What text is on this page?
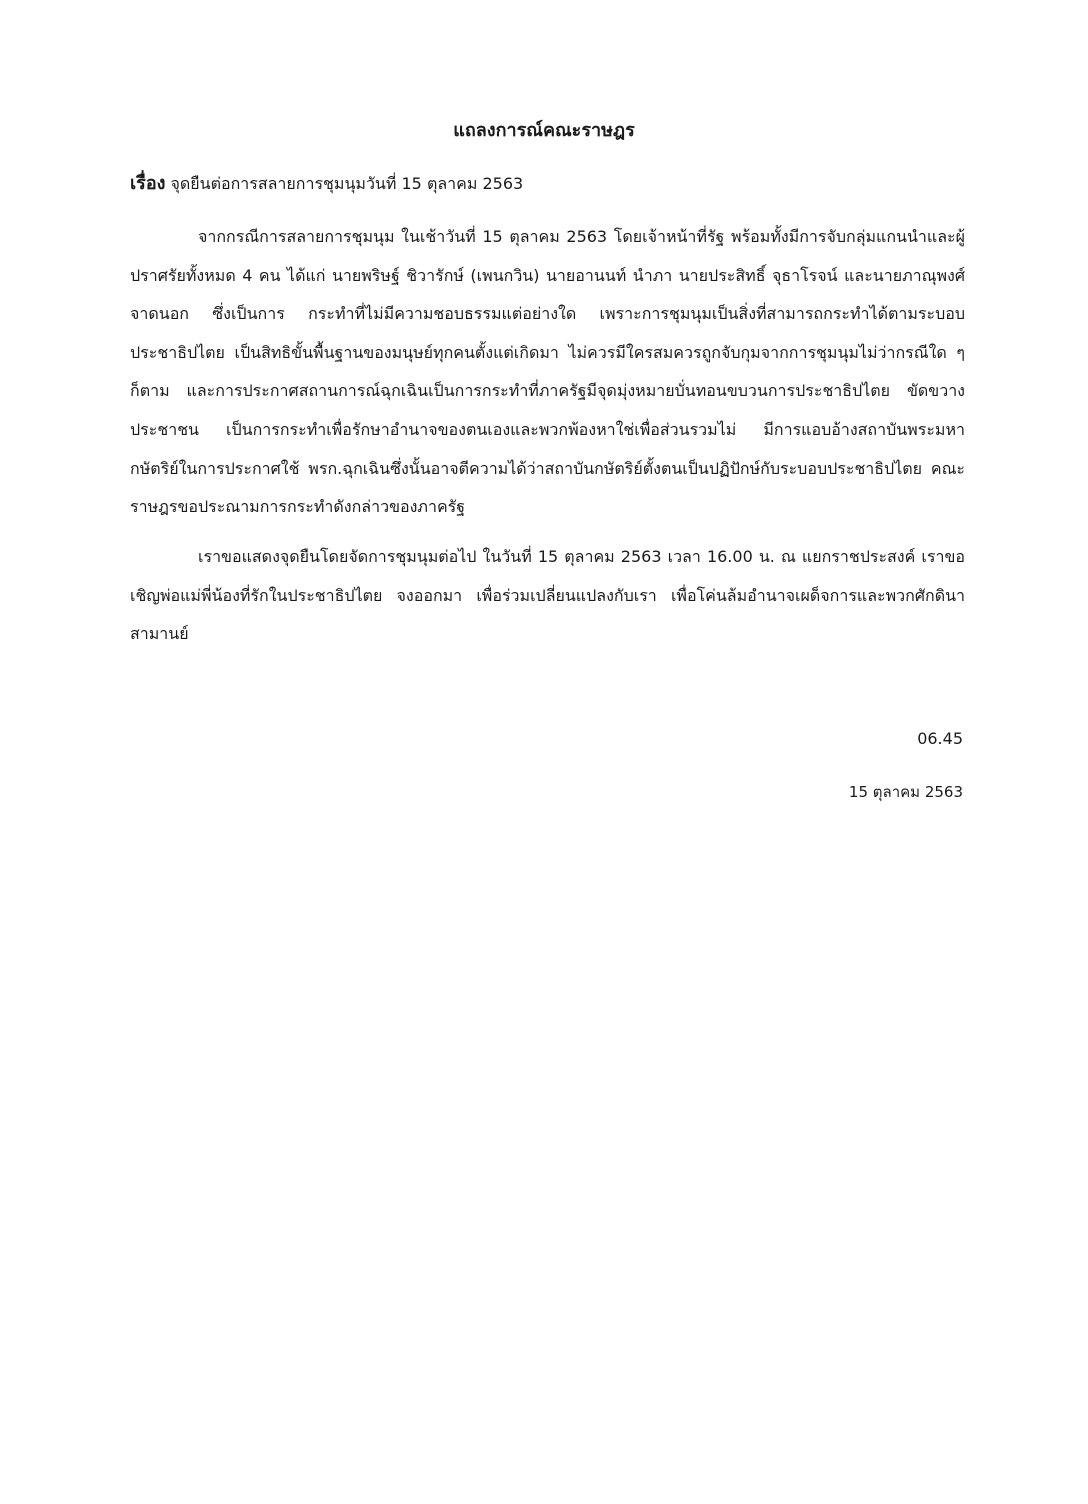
แถลงการณ์คณะราษฎร

เรื่อง จุดยืนต่อการสลายการชุมนุมวันที่ 15 ตุลาคม 2563

จากกรณีการสลายการชุมนุม ในเช้าวันที่ 15 ตุลาคม 2563 โดยเจ้าหน้าที่รัฐ พร้อมทั้งมีการจับกลุ่มแกนนำและผู้ปราศรัยทั้งหมด 4 คน ได้แก่ นายพริษฐ์ ชิวารักษ์ (เพนกวิน) นายอานนท์ นำภา นายประสิทธิ์ จุธาโรจน์ และนายภาณุพงศ์ จาดนอก ซึ่งเป็นการ กระทำที่ไม่มีความชอบธรรมแต่อย่างใด เพราะการชุมนุมเป็นสิ่งที่สามารถกระทำได้ตามระบอบประชาธิปไตย เป็นสิทธิขั้นพื้นฐานของมนุษย์ทุกคนตั้งแต่เกิดมา ไม่ควรมีใครสมควรถูกจับกุมจากการชุมนุมไม่ว่ากรณีใด ๆ ก็ตาม และการประกาศสถานการณ์ฉุกเฉินเป็นการกระทำที่ภาครัฐมีจุดมุ่งหมายบั่นทอนขบวนการประชาธิปไตย ขัดขวางประชาชน เป็นการกระทำเพื่อรักษาอำนาจของตนเองและพวกพ้องหาใช่เพื่อส่วนรวมไม่ มีการแอบอ้างสถาบันพระมหากษัตริย์ในการประกาศใช้ พรก.ฉุกเฉินซึ่งนั้นอาจตีความได้ว่าสถาบันกษัตริย์ตั้งตนเป็นปฏิปักษ์กับระบอบประชาธิปไตย คณะราษฎรขอประณามการกระทำดังกล่าวของภาครัฐ

เราขอแสดงจุดยืนโดยจัดการชุมนุมต่อไป ในวันที่ 15 ตุลาคม 2563 เวลา 16.00 น. ณ แยกราชประสงค์ เราขอเชิญพ่อแม่พี่น้องที่รักในประชาธิปไตย จงออกมา เพื่อร่วมเปลี่ยนแปลงกับเรา เพื่อโค่นล้มอำนาจเผด็จการและพวกศักดินาสามานย์

06.45

15 ตุลาคม 2563
